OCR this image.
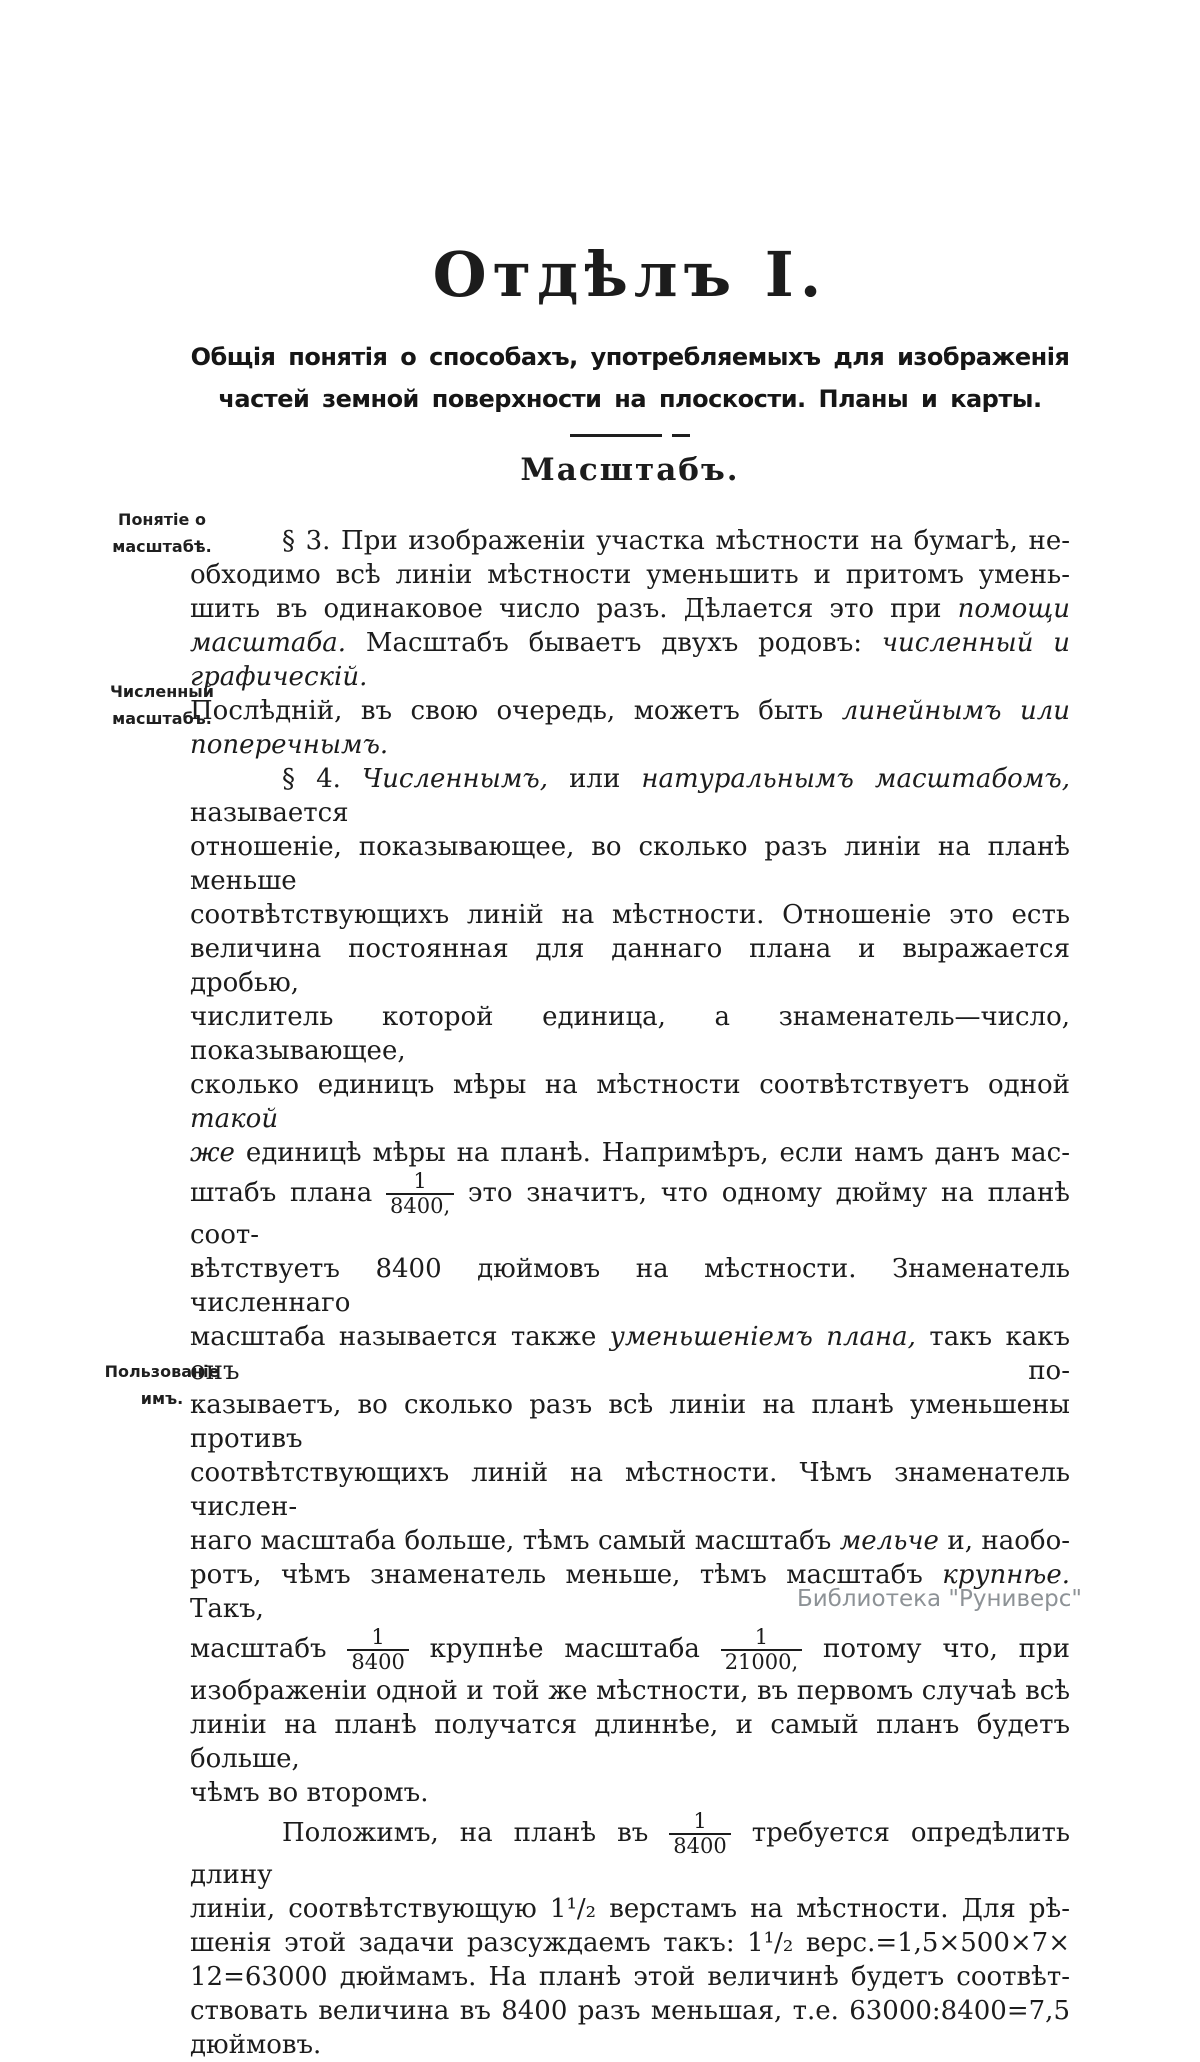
Отдѣлъ I.
Общія понятія о способахъ, употребляемыхъ для изображенія
частей земной поверхности на плоскости. Планы и карты.
Масштабъ.
Понятіе о масштабѣ.
Численный масштабъ.
Пользованіе имъ.
§ 3. При изображеніи участка мѣстности на бумагѣ, не-
обходимо всѣ линіи мѣстности уменьшить и притомъ умень-
шить въ одинаковое число разъ. Дѣлается это при помощи
масштаба. Масштабъ бываетъ двухъ родовъ: численный и графическій.
Послѣдній, въ свою очередь, можетъ быть линейнымъ или поперечнымъ.
§ 4. Численнымъ, или натуральнымъ масштабомъ, называется
отношеніе, показывающее, во сколько разъ линіи на планѣ меньше
соотвѣтствующихъ линій на мѣстности. Отношеніе это есть
величина постоянная для даннаго плана и выражается дробью,
числитель которой единица, а знаменатель—число, показывающее,
сколько единицъ мѣры на мѣстности соотвѣтствуетъ одной такой
же единицѣ мѣры на планѣ. Напримѣръ, если намъ данъ мас-
штабъ плана $\frac{1}{8400,}$ это значитъ, что одному дюйму на планѣ соот-
вѣтствуетъ 8400 дюймовъ на мѣстности. Знаменатель численнаго
масштаба называется также уменьшеніемъ плана, такъ какъ онъ по-
казываетъ, во сколько разъ всѣ линіи на планѣ уменьшены противъ
соотвѣтствующихъ линій на мѣстности. Чѣмъ знаменатель числен-
наго масштаба больше, тѣмъ самый масштабъ мельче и, наобо-
ротъ, чѣмъ знаменатель меньше, тѣмъ масштабъ крупнѣе. Такъ,
масштабъ $\frac{1}{8400}$ крупнѣе масштаба $\frac{1}{21000,}$ потому что, при
изображеніи одной и той же мѣстности, въ первомъ случаѣ всѣ
линіи на планѣ получатся длиннѣе, и самый планъ будетъ больше,
чѣмъ во второмъ.
Положимъ, на планѣ въ $\frac{1}{8400}$ требуется опредѣлить длину
линіи, соотвѣтствующую 1¹/₂ верстамъ на мѣстности. Для рѣ-
шенія этой задачи разсуждаемъ такъ: 1¹/₂ верс.=1,5×500×7×
12=63000 дюймамъ. На планѣ этой величинѣ будетъ соотвѣт-
ствовать величина въ 8400 разъ меньшая, т.е. 63000:8400=7,5
дюймовъ.
Библиотека "Руниверс"
